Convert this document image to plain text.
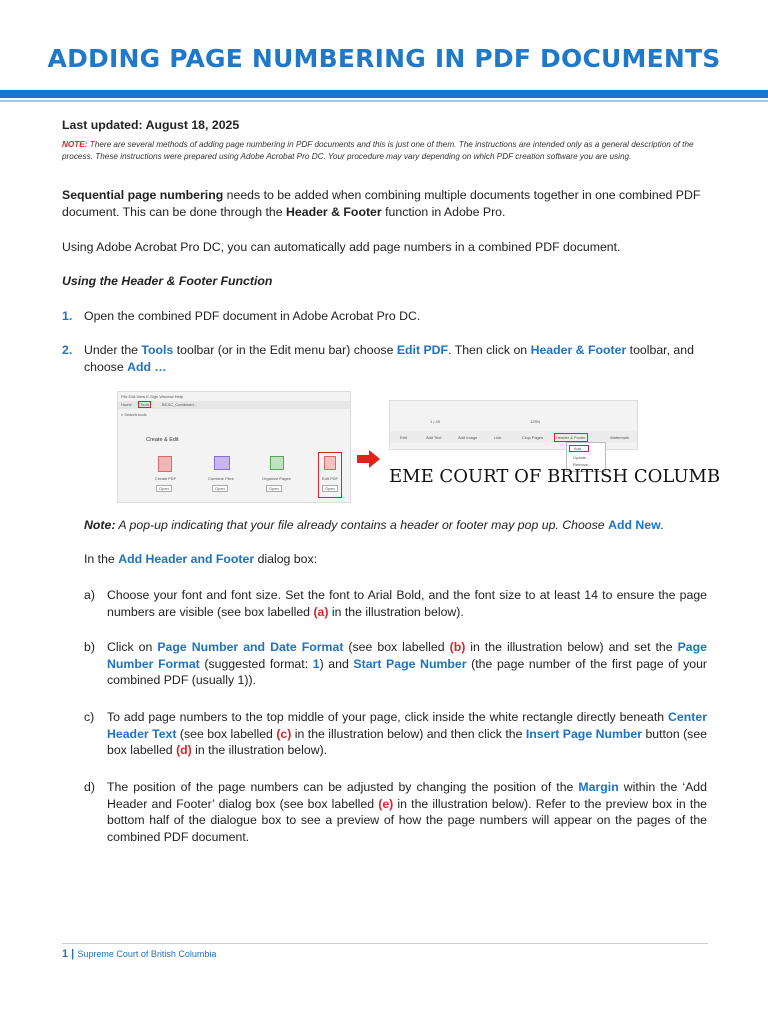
ADDING PAGE NUMBERING IN PDF DOCUMENTS
Last updated: August 18, 2025
NOTE: There are several methods of adding page numbering in PDF documents and this is just one of them. The instructions are intended only as a general description of the process. These instructions were prepared using Adobe Acrobat Pro DC. Your procedure may vary depending on which PDF creation software you are using.
Sequential page numbering needs to be added when combining multiple documents together in one combined PDF document. This can be done through the Header & Footer function in Adobe Pro.
Using Adobe Acrobat Pro DC, you can automatically add page numbers in a combined PDF document.
Using the Header & Footer Function
1. Open the combined PDF document in Adobe Acrobat Pro DC.
2. Under the Tools toolbar (or in the Edit menu bar) choose Edit PDF. Then click on Header & Footer toolbar, and choose Add …
File Edit View E-Sign Window Help
Home	Tools	BCSC_Combined...
⌕ Search tools
Create & Edit
Create PDF	Combine Files	Organize Pages	Edit PDF
Open	Open	Open	Open
1 / 45	125%
Edit	Add Text	Add Image	Link	Crop Pages	Header & Footer	Watermark
Add...
Update...
Remove...
EME COURT OF BRITISH COLUMB
Note: A pop-up indicating that your file already contains a header or footer may pop up. Choose Add New.
In the Add Header and Footer dialog box:
a) Choose your font and font size. Set the font to Arial Bold, and the font size to at least 14 to ensure the page numbers are visible (see box labelled (a) in the illustration below).
b) Click on Page Number and Date Format (see box labelled (b) in the illustration below) and set the Page Number Format (suggested format: 1) and Start Page Number (the page number of the first page of your combined PDF (usually 1)).
c) To add page numbers to the top middle of your page, click inside the white rectangle directly beneath Center Header Text (see box labelled (c) in the illustration below) and then click the Insert Page Number button (see box labelled (d) in the illustration below).
d) The position of the page numbers can be adjusted by changing the position of the Margin within the ‘Add Header and Footer’ dialog box (see box labelled (e) in the illustration below). Refer to the preview box in the bottom half of the dialogue box to see a preview of how the page numbers will appear on the pages of the combined PDF document.
1 | Supreme Court of British Columbia
